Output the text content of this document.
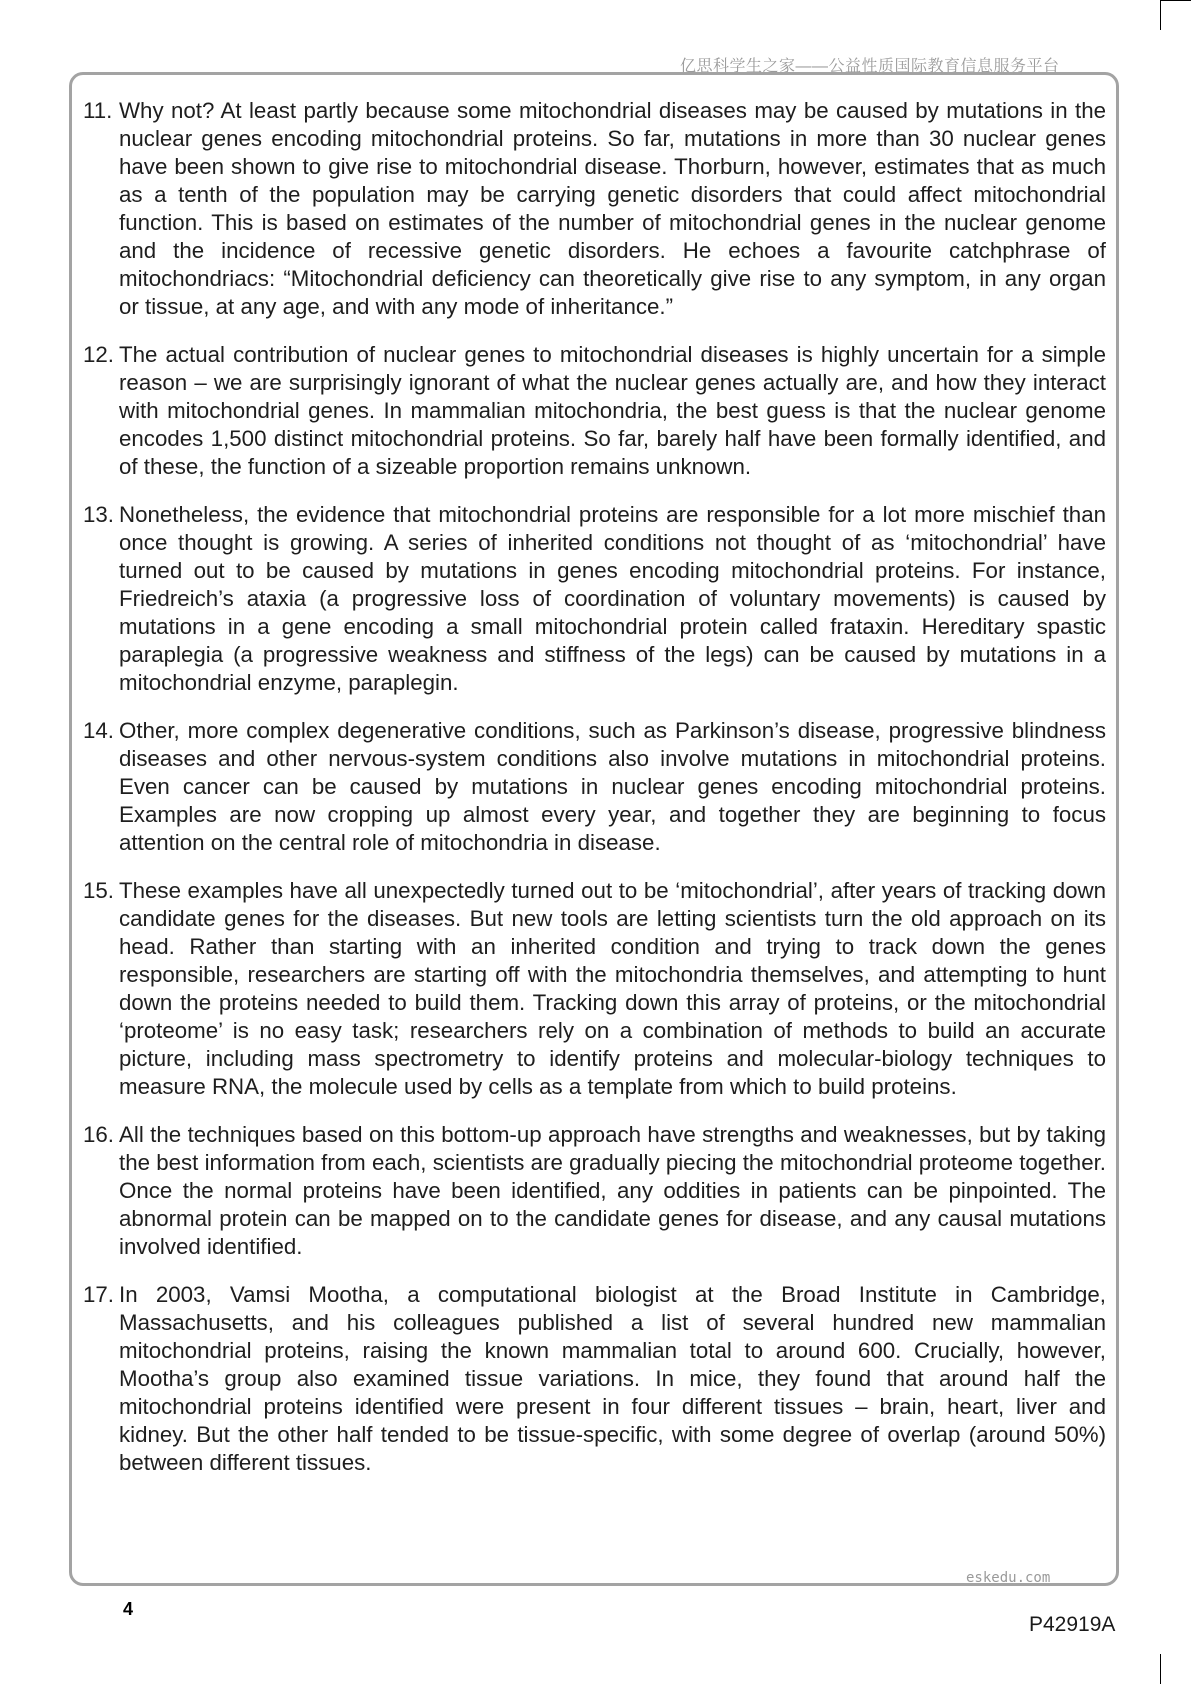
亿思科学生之家——公益性质国际教育信息服务平台
11. Why not? At least partly because some mitochondrial diseases may be caused by mutations in the nuclear genes encoding mitochondrial proteins. So far, mutations in more than 30 nuclear genes have been shown to give rise to mitochondrial disease. Thorburn, however, estimates that as much as a tenth of the population may be carrying genetic disorders that could affect mitochondrial function. This is based on estimates of the number of mitochondrial genes in the nuclear genome and the incidence of recessive genetic disorders. He echoes a favourite catchphrase of mitochondriacs: “Mitochondrial deficiency can theoretically give rise to any symptom, in any organ or tissue, at any age, and with any mode of inheritance.”
12. The actual contribution of nuclear genes to mitochondrial diseases is highly uncertain for a simple reason – we are surprisingly ignorant of what the nuclear genes actually are, and how they interact with mitochondrial genes. In mammalian mitochondria, the best guess is that the nuclear genome encodes 1,500 distinct mitochondrial proteins. So far, barely half have been formally identified, and of these, the function of a sizeable proportion remains unknown.
13. Nonetheless, the evidence that mitochondrial proteins are responsible for a lot more mischief than once thought is growing. A series of inherited conditions not thought of as ‘mitochondrial’ have turned out to be caused by mutations in genes encoding mitochondrial proteins. For instance, Friedreich’s ataxia (a progressive loss of coordination of voluntary movements) is caused by mutations in a gene encoding a small mitochondrial protein called frataxin. Hereditary spastic paraplegia (a progressive weakness and stiffness of the legs) can be caused by mutations in a mitochondrial enzyme, paraplegin.
14. Other, more complex degenerative conditions, such as Parkinson’s disease, progressive blindness diseases and other nervous-system conditions also involve mutations in mitochondrial proteins. Even cancer can be caused by mutations in nuclear genes encoding mitochondrial proteins. Examples are now cropping up almost every year, and together they are beginning to focus attention on the central role of mitochondria in disease.
15. These examples have all unexpectedly turned out to be ‘mitochondrial’, after years of tracking down candidate genes for the diseases. But new tools are letting scientists turn the old approach on its head. Rather than starting with an inherited condition and trying to track down the genes responsible, researchers are starting off with the mitochondria themselves, and attempting to hunt down the proteins needed to build them. Tracking down this array of proteins, or the mitochondrial ‘proteome’ is no easy task; researchers rely on a combination of methods to build an accurate picture, including mass spectrometry to identify proteins and molecular-biology techniques to measure RNA, the molecule used by cells as a template from which to build proteins.
16. All the techniques based on this bottom-up approach have strengths and weaknesses, but by taking the best information from each, scientists are gradually piecing the mitochondrial proteome together. Once the normal proteins have been identified, any oddities in patients can be pinpointed. The abnormal protein can be mapped on to the candidate genes for disease, and any causal mutations involved identified.
17. In 2003, Vamsi Mootha, a computational biologist at the Broad Institute in Cambridge, Massachusetts, and his colleagues published a list of several hundred new mammalian mitochondrial proteins, raising the known mammalian total to around 600. Crucially, however, Mootha’s group also examined tissue variations. In mice, they found that around half the mitochondrial proteins identified were present in four different tissues – brain, heart, liver and kidney. But the other half tended to be tissue-specific, with some degree of overlap (around 50%) between different tissues.
eskedu.com
4
P42919A
